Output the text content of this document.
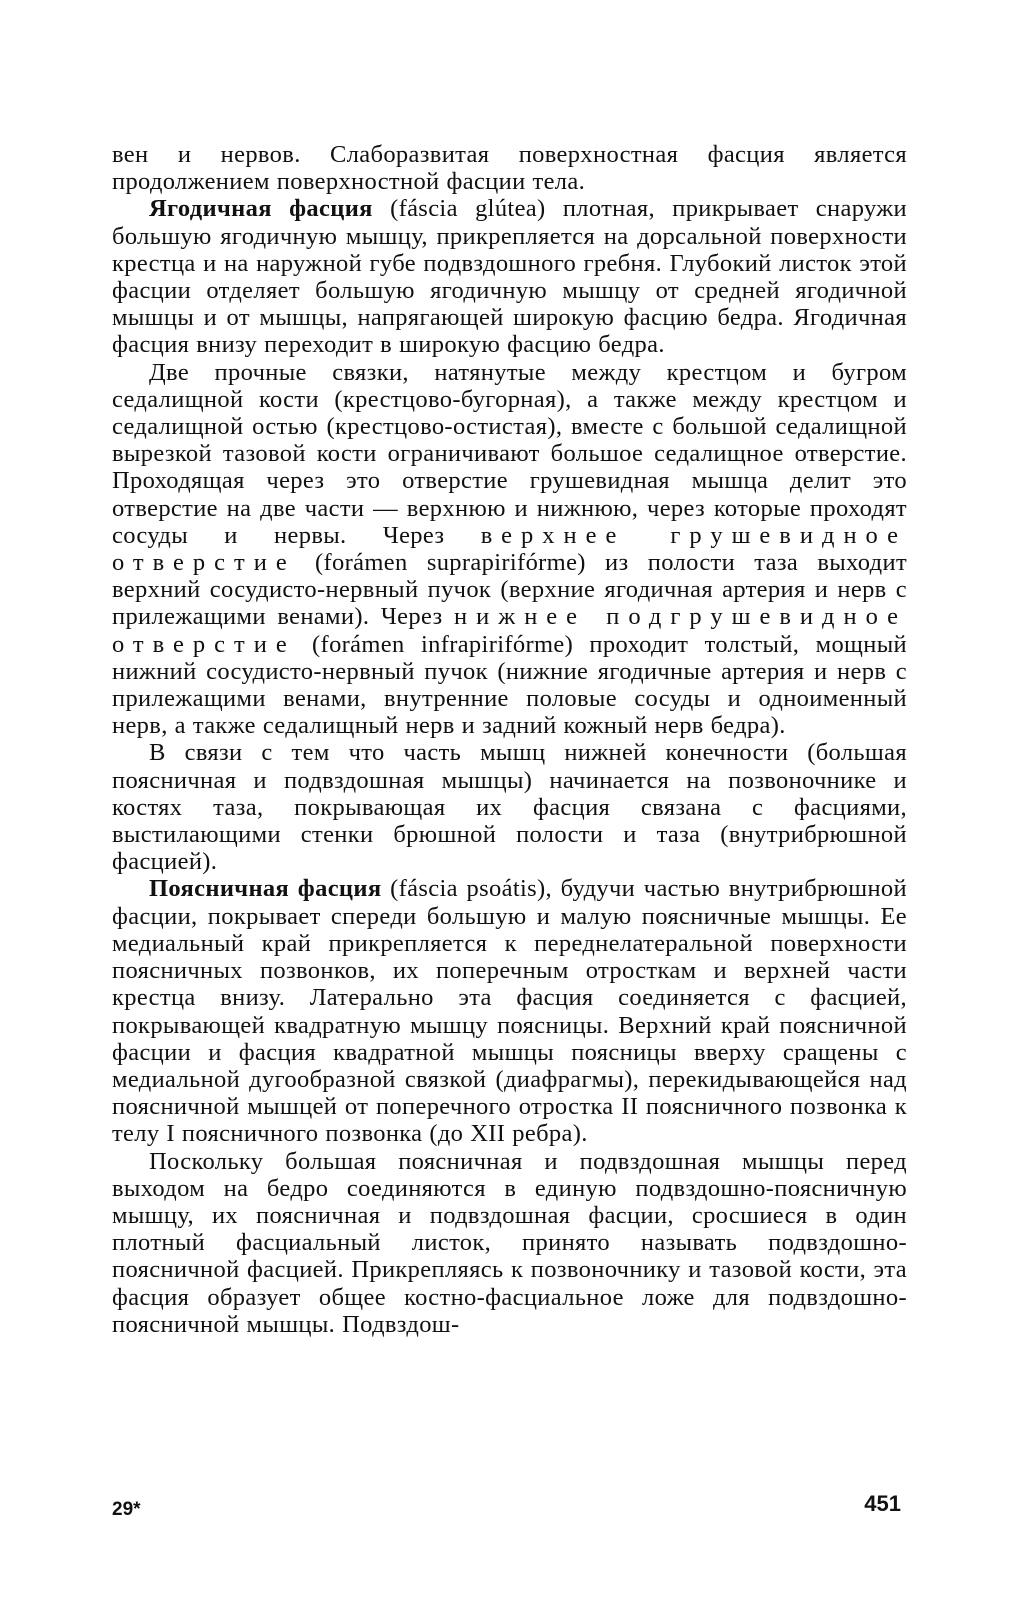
вен и нервов. Слаборазвитая поверхностная фасция является продолжением поверхностной фасции тела.

Ягодичная фасция (fáscia glútea) плотная, прикрывает снаружи большую ягодичную мышцу, прикрепляется на дорсальной поверхности крестца и на наружной губе подвздошного гребня. Глубокий листок этой фасции отделяет большую ягодичную мышцу от средней ягодичной мышцы и от мышцы, напрягающей широкую фасцию бедра. Ягодичная фасция внизу переходит в широкую фасцию бедра.

Две прочные связки, натянутые между крестцом и бугром седалищной кости (крестцово-бугорная), а также между крестцом и седалищной остью (крестцово-остистая), вместе с большой седалищной вырезкой тазовой кости ограничивают большое седалищное отверстие. Проходящая через это отверстие грушевидная мышца делит это отверстие на две части — верхнюю и нижнюю, через которые проходят сосуды и нервы. Через верхнее грушевидное отверстие (forámen suprapirifórme) из полости таза выходит верхний сосудисто-нервный пучок (верхние ягодичная артерия и нерв с прилежащими венами). Через нижнее подгрушевидное отверстие (forámen infrapirifórme) проходит толстый, мощный нижний сосудисто-нервный пучок (нижние ягодичные артерия и нерв с прилежащими венами, внутренние половые сосуды и одноименный нерв, а также седалищный нерв и задний кожный нерв бедра).

В связи с тем что часть мышц нижней конечности (большая поясничная и подвздошная мышцы) начинается на позвоночнике и костях таза, покрывающая их фасция связана с фасциями, выстилающими стенки брюшной полости и таза (внутрибрюшной фасцией).

Поясничная фасция (fáscia psoátis), будучи частью внутрибрюшной фасции, покрывает спереди большую и малую поясничные мышцы. Ее медиальный край прикрепляется к переднелатеральной поверхности поясничных позвонков, их поперечным отросткам и верхней части крестца внизу. Латерально эта фасция соединяется с фасцией, покрывающей квадратную мышцу поясницы. Верхний край поясничной фасции и фасция квадратной мышцы поясницы вверху сращены с медиальной дугообразной связкой (диафрагмы), перекидывающейся над поясничной мышцей от поперечного отростка II поясничного позвонка к телу I поясничного позвонка (до XII ребра).

Поскольку большая поясничная и подвздошная мышцы перед выходом на бедро соединяются в единую подвздошно-поясничную мышцу, их поясничная и подвздошная фасции, сросшиеся в один плотный фасциальный листок, принято называть подвздошно-поясничной фасцией. Прикрепляясь к позвоночнику и тазовой кости, эта фасция образует общее костно-фасциальное ложе для подвздошно-поясничной мышцы. Подвздош-

29*	451
